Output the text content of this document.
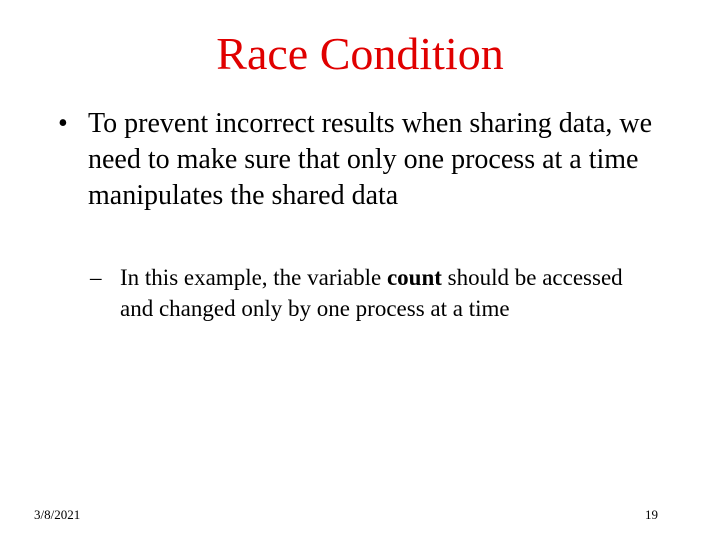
Race Condition
• To prevent incorrect results when sharing data, we need to make sure that only one process at a time manipulates the shared data
– In this example, the variable count should be accessed and changed only by one process at a time
3/8/2021	19
